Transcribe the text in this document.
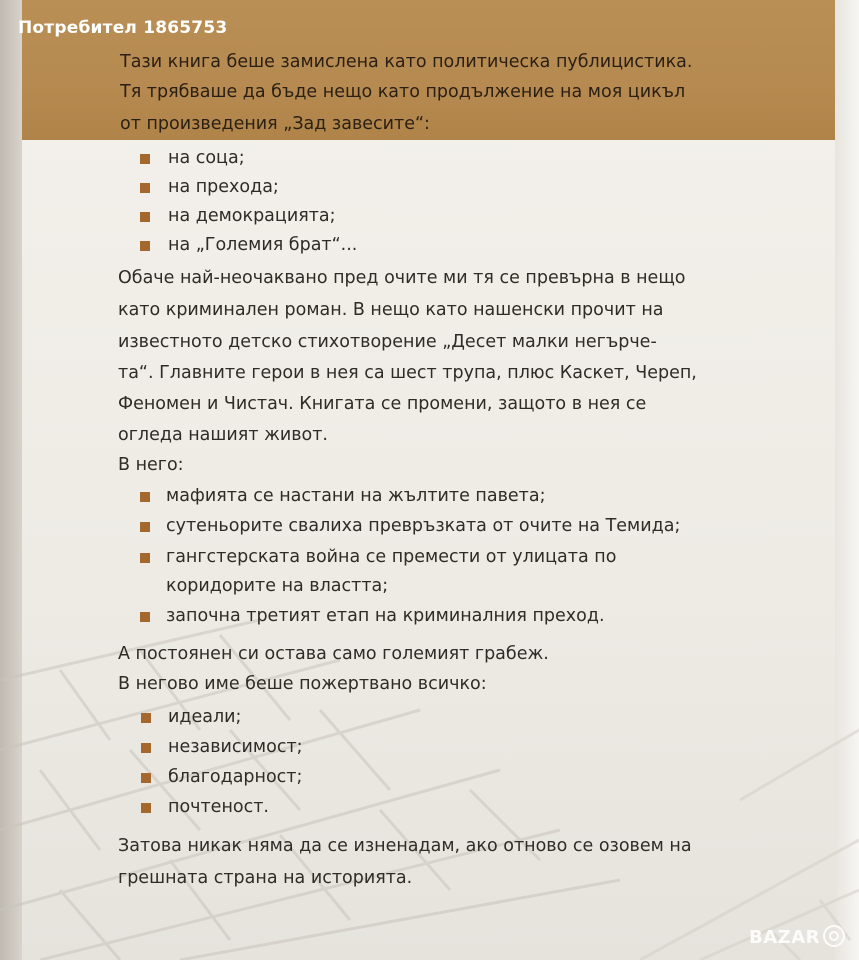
Потребител 1865753
Тази книга беше замислена като политическа публицистика.
Тя трябваше да бъде нещо като продължение на моя цикъл
от произведения „Зад завесите“:
на соца;
на прехода;
на демокрацията;
на „Големия брат“...
Обаче най-неочаквано пред очите ми тя се превърна в нещо
като криминален роман. В нещо като нашенски прочит на
известното детско стихотворение „Десет малки негърче-
та“. Главните герои в нея са шест трупа, плюс Каскет, Череп,
Феномен и Чистач. Книгата се промени, защото в нея се
огледа нашият живот.
В него:
мафията се настани на жълтите павета;
сутеньорите свалиха превръзката от очите на Темида;
гангстерската война се премести от улицата по
коридорите на властта;
започна третият етап на криминалния преход.
А постоянен си остава само големият грабеж.
В негово име беше пожертвано всичко:
идеали;
независимост;
благодарност;
почтеност.
Затова никак няма да се изненадам, ако отново се озовем на
грешната страна на историята.
BAZAR
